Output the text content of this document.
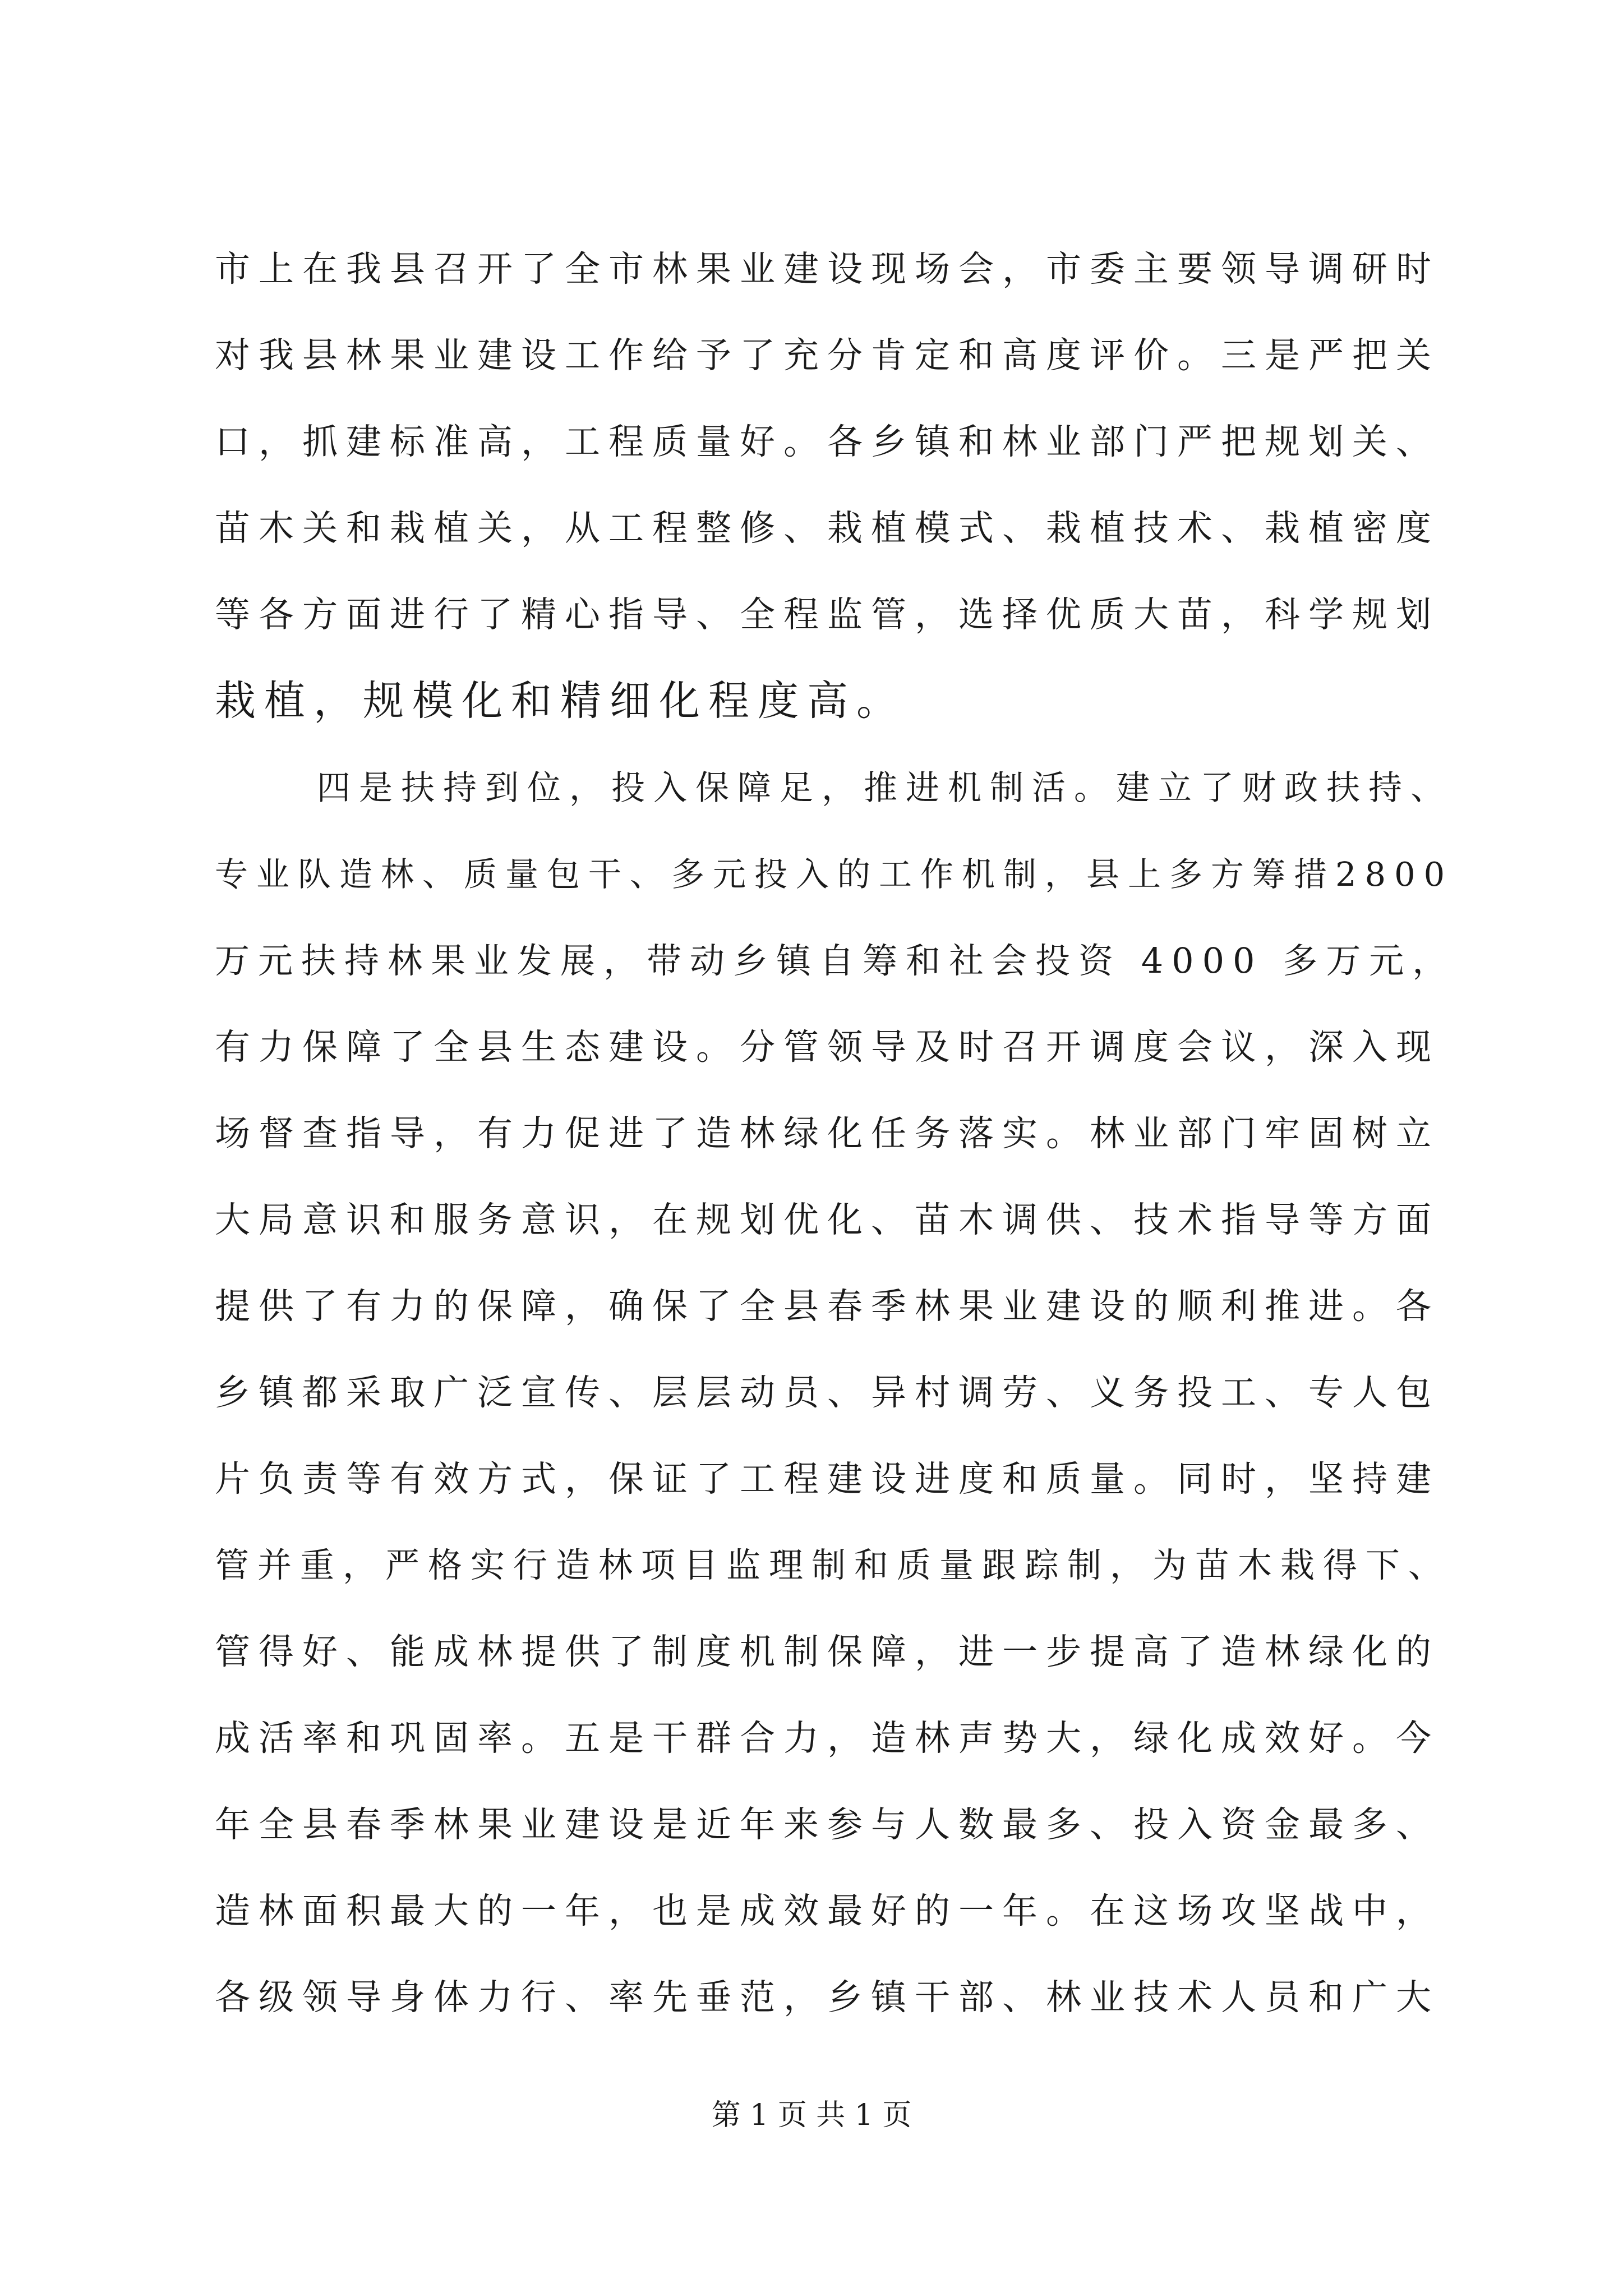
市上在我县召开了全市林果业建设现场会，市委主要领导调研时
对我县林果业建设工作给予了充分肯定和高度评价。三是严把关
口，抓建标准高，工程质量好。各乡镇和林业部门严把规划关、
苗木关和栽植关，从工程整修、栽植模式、栽植技术、栽植密度
等各方面进行了精心指导、全程监管，选择优质大苗，科学规划
栽植，规模化和精细化程度高。
四是扶持到位，投入保障足，推进机制活。建立了财政扶持、
专业队造林、质量包干、多元投入的工作机制，县上多方筹措2800
万元扶持林果业发展，带动乡镇自筹和社会投资 4000 多万元，
有力保障了全县生态建设。分管领导及时召开调度会议，深入现
场督查指导，有力促进了造林绿化任务落实。林业部门牢固树立
大局意识和服务意识，在规划优化、苗木调供、技术指导等方面
提供了有力的保障，确保了全县春季林果业建设的顺利推进。各
乡镇都采取广泛宣传、层层动员、异村调劳、义务投工、专人包
片负责等有效方式，保证了工程建设进度和质量。同时，坚持建
管并重，严格实行造林项目监理制和质量跟踪制，为苗木栽得下、
管得好、能成林提供了制度机制保障，进一步提高了造林绿化的
成活率和巩固率。五是干群合力，造林声势大，绿化成效好。今
年全县春季林果业建设是近年来参与人数最多、投入资金最多、
造林面积最大的一年，也是成效最好的一年。在这场攻坚战中，
各级领导身体力行、率先垂范，乡镇干部、林业技术人员和广大
第 1 页 共 1 页
